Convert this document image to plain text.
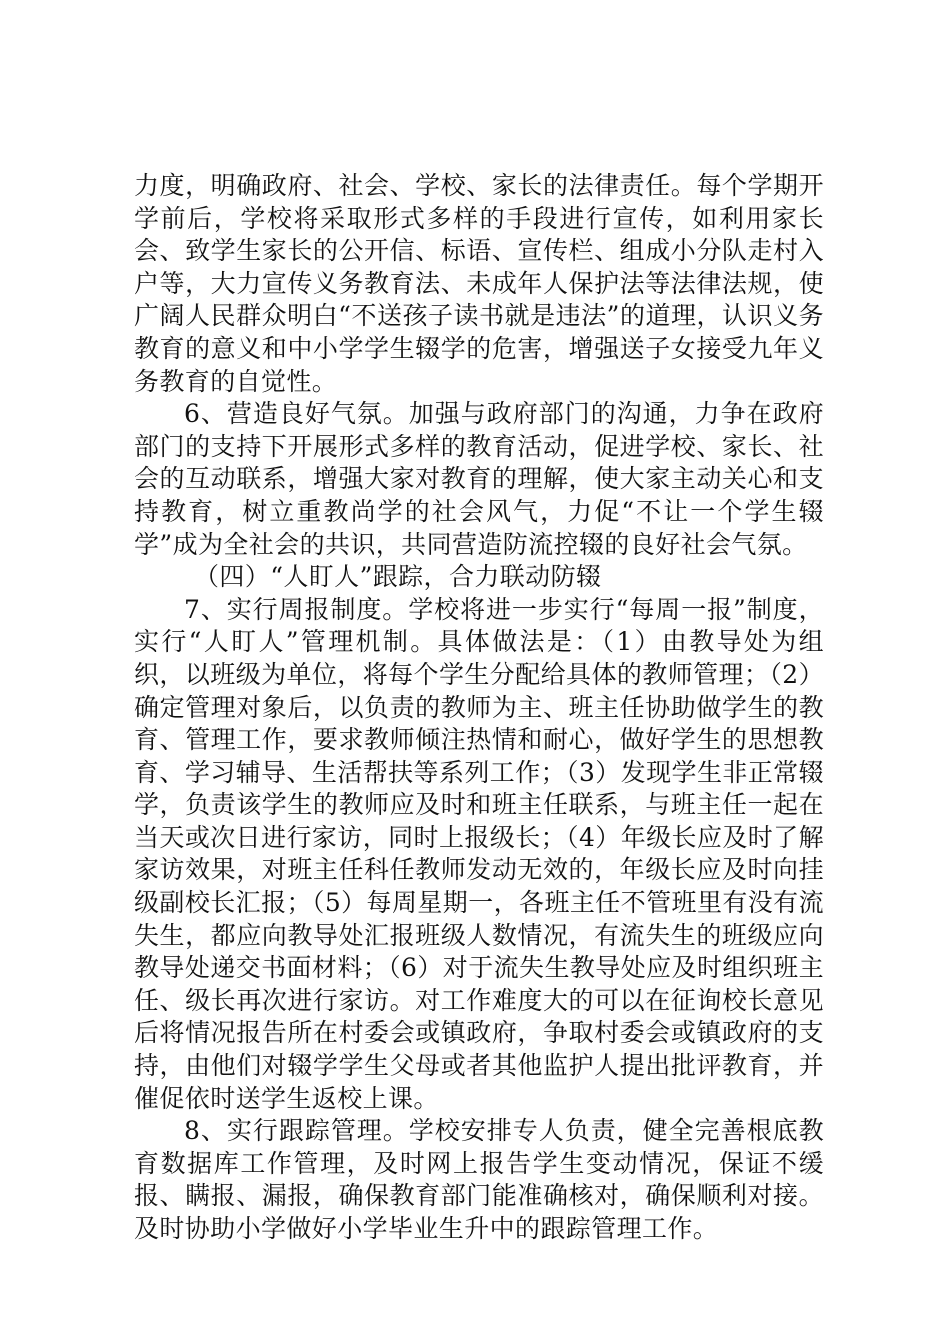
力度，明确政府、社会、学校、家长的法律责任。每个学期开学前后，学校将采取形式多样的手段进行宣传，如利用家长会、致学生家长的公开信、标语、宣传栏、组成小分队走村入户等，大力宣传义务教育法、未成年人保护法等法律法规，使广阔人民群众明白“不送孩子读书就是违法”的道理，认识义务教育的意义和中小学学生辍学的危害，增强送子女接受九年义务教育的自觉性。

6、营造良好气氛。加强与政府部门的沟通，力争在政府部门的支持下开展形式多样的教育活动，促进学校、家长、社会的互动联系，增强大家对教育的理解，使大家主动关心和支持教育，树立重教尚学的社会风气，力促“不让一个学生辍学”成为全社会的共识，共同营造防流控辍的良好社会气氛。

（四）“人盯人”跟踪，合力联动防辍

7、实行周报制度。学校将进一步实行“每周一报”制度，实行“人盯人”管理机制。具体做法是：（1）由教导处为组织，以班级为单位，将每个学生分配给具体的教师管理；（2）确定管理对象后，以负责的教师为主、班主任协助做学生的教育、管理工作，要求教师倾注热情和耐心，做好学生的思想教育、学习辅导、生活帮扶等系列工作；（3）发现学生非正常辍学，负责该学生的教师应及时和班主任联系，与班主任一起在当天或次日进行家访，同时上报级长；（4）年级长应及时了解家访效果，对班主任科任教师发动无效的，年级长应及时向挂级副校长汇报；（5）每周星期一，各班主任不管班里有没有流失生，都应向教导处汇报班级人数情况，有流失生的班级应向教导处递交书面材料；（6）对于流失生教导处应及时组织班主任、级长再次进行家访。对工作难度大的可以在征询校长意见后将情况报告所在村委会或镇政府，争取村委会或镇政府的支持，由他们对辍学学生父母或者其他监护人提出批评教育，并催促依时送学生返校上课。

8、实行跟踪管理。学校安排专人负责，健全完善根底教育数据库工作管理，及时网上报告学生变动情况，保证不缓报、瞒报、漏报，确保教育部门能准确核对，确保顺利对接。及时协助小学做好小学毕业生升中的跟踪管理工作。
